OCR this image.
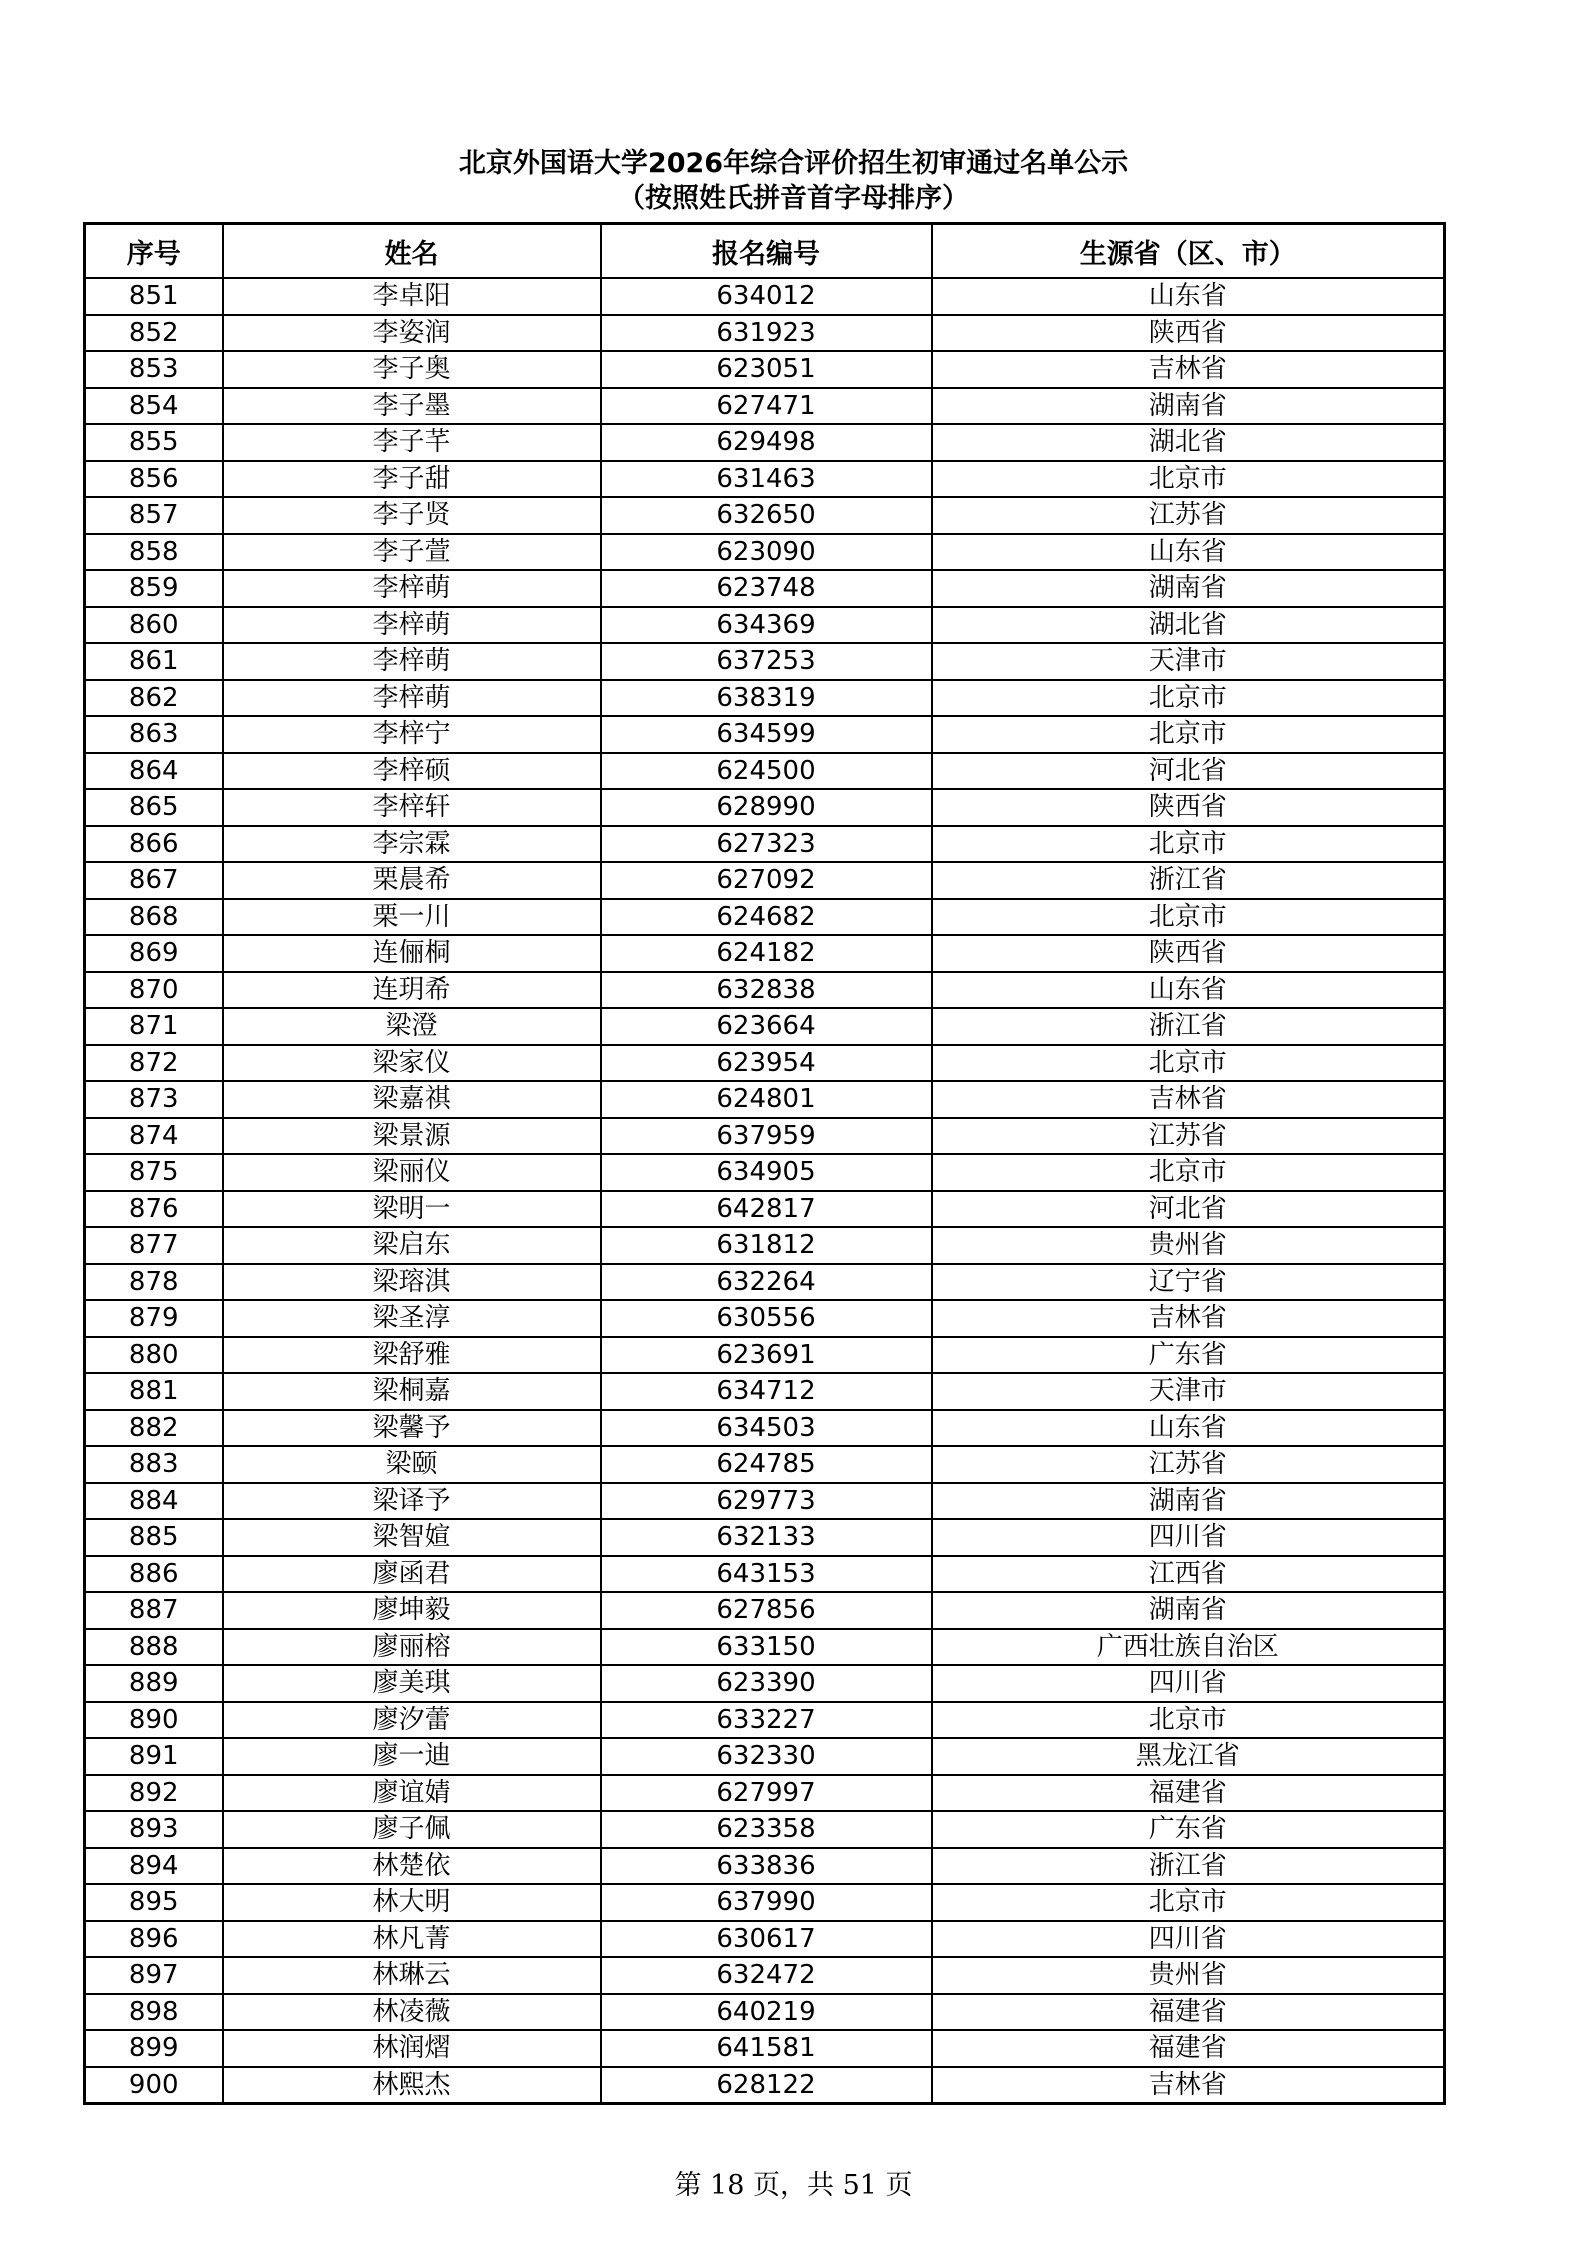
北京外国语大学2026年综合评价招生初审通过名单公示
（按照姓氏拼音首字母排序）
序号	姓名	报名编号	生源省（区、市）
851	李卓阳	634012	山东省
852	李姿润	631923	陕西省
853	李子奥	623051	吉林省
854	李子墨	627471	湖南省
855	李子芊	629498	湖北省
856	李子甜	631463	北京市
857	李子贤	632650	江苏省
858	李子萱	623090	山东省
859	李梓萌	623748	湖南省
860	李梓萌	634369	湖北省
861	李梓萌	637253	天津市
862	李梓萌	638319	北京市
863	李梓宁	634599	北京市
864	李梓硕	624500	河北省
865	李梓轩	628990	陕西省
866	李宗霖	627323	北京市
867	栗晨希	627092	浙江省
868	栗一川	624682	北京市
869	连俪桐	624182	陕西省
870	连玥希	632838	山东省
871	梁澄	623664	浙江省
872	梁家仪	623954	北京市
873	梁嘉祺	624801	吉林省
874	梁景源	637959	江苏省
875	梁丽仪	634905	北京市
876	梁明一	642817	河北省
877	梁启东	631812	贵州省
878	梁瑢淇	632264	辽宁省
879	梁圣淳	630556	吉林省
880	梁舒雅	623691	广东省
881	梁桐嘉	634712	天津市
882	梁馨予	634503	山东省
883	梁颐	624785	江苏省
884	梁译予	629773	湖南省
885	梁智媗	632133	四川省
886	廖函君	643153	江西省
887	廖坤毅	627856	湖南省
888	廖丽榕	633150	广西壮族自治区
889	廖美琪	623390	四川省
890	廖汐蕾	633227	北京市
891	廖一迪	632330	黑龙江省
892	廖谊婧	627997	福建省
893	廖子佩	623358	广东省
894	林楚依	633836	浙江省
895	林大明	637990	北京市
896	林凡菁	630617	四川省
897	林琳云	632472	贵州省
898	林凌薇	640219	福建省
899	林润熠	641581	福建省
900	林熙杰	628122	吉林省
第 18 页，共 51 页
